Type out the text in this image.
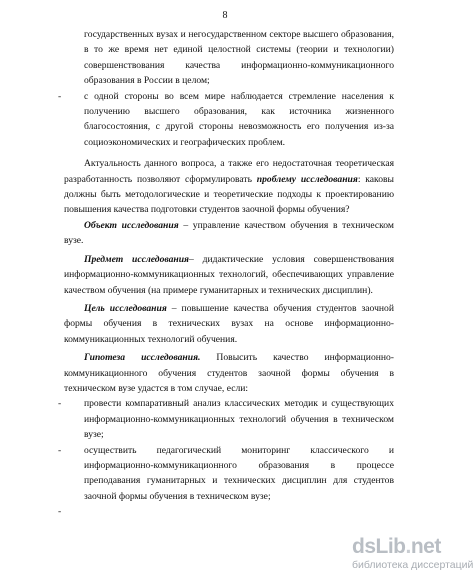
8

государственных вузах и негосударственном секторе высшего образования, в то же время нет единой целостной системы (теории и технологии) совершенствования качества информационно-коммуникационного образования в России в целом;

- с одной стороны во всем мире наблюдается стремление населения к получению высшего образования, как источника жизненного благосостояния, с другой стороны невозможность его получения из-за социоэкономических и географических проблем.

Актуальность данного вопроса, а также его недостаточная теоретическая разработанность позволяют сформулировать проблему исследования: каковы должны быть методологические и теоретические подходы к проектированию повышения качества подготовки студентов заочной формы обучения?

Объект исследования – управление качеством обучения в техническом вузе.

Предмет исследования– дидактические условия совершенствования информационно-коммуникационных технологий, обеспечивающих управление качеством обучения (на примере гуманитарных и технических дисциплин).

Цель исследования – повышение качества обучения студентов заочной формы обучения в технических вузах на основе информационно-коммуникационных технологий обучения.

Гипотеза исследования. Повысить качество информационно-коммуникационного обучения студентов заочной формы обучения в техническом вузе удастся в том случае, если:

- провести компаративный анализ классических методик и существующих информационно-коммуникационных технологий обучения в техническом вузе;

- осуществить педагогический мониторинг классического и информационно-коммуникационного образования в процессе преподавания гуманитарных и технических дисциплин для студентов заочной формы обучения в техническом вузе;

-

dsLib.net
библиотека диссертаций
